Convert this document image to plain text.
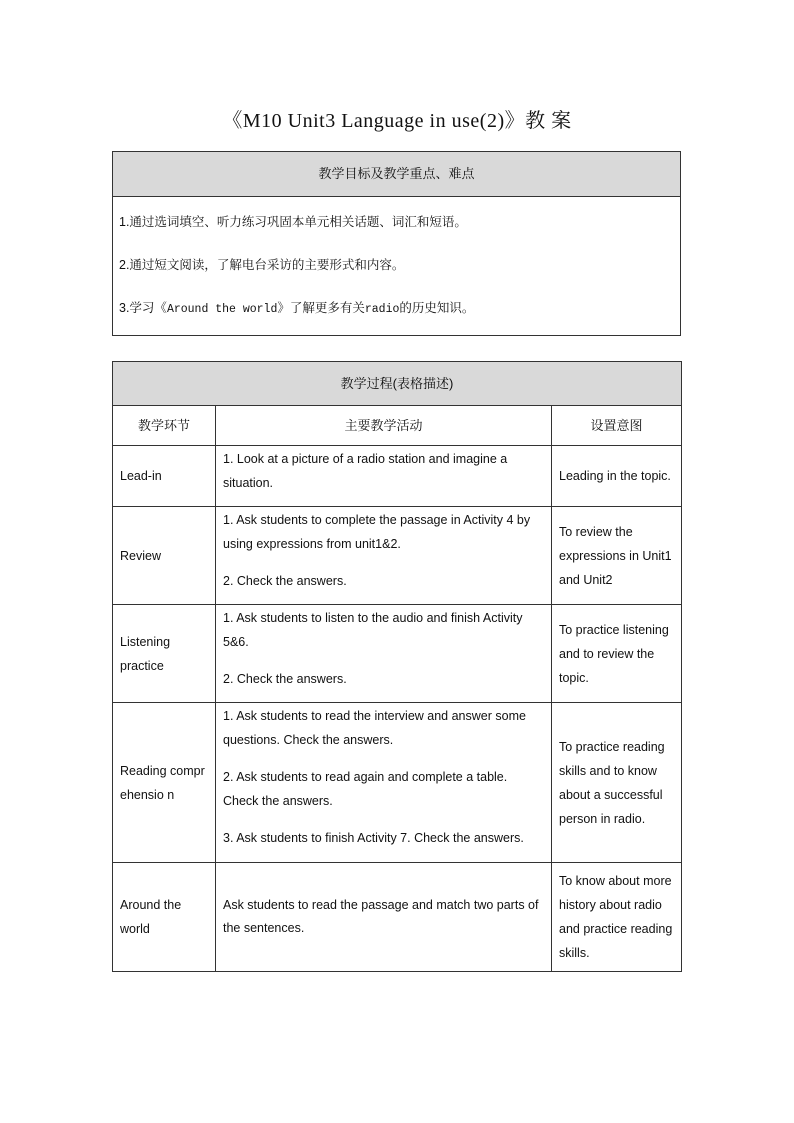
《M10 Unit3 Language in use(2)》教 案
教学目标及教学重点、难点

1.通过选词填空、听力练习巩固本单元相关话题、词汇和短语。

2.通过短文阅读，了解电台采访的主要形式和内容。

3.学习《Around the world》了解更多有关radio的历史知识。

教学过程(表格描述)		
教学环节	主要教学活动	设置意图
Lead-in	1. Look at a picture of a radio station and imagine a situation.	Leading in the topic.
Review	1. Ask students to complete the passage in Activity 4 by using expressions from unit1&2.

2. Check the answers.	To review the expressions in Unit1 and Unit2
Listening practice	1. Ask students to listen to the audio and finish Activity 5&6.

2. Check the answers.	To practice listening and to review the topic.
Reading comprehensio n	1. Ask students to read the interview and answer some questions. Check the answers.

2. Ask students to read again and complete a table. Check the answers.

3. Ask students to finish Activity 7. Check the answers.	To practice reading skills and to know about a successful person in radio.
Around the world	Ask students to read the passage and match two parts of the sentences.	To know about more history about radio and practice reading skills.
